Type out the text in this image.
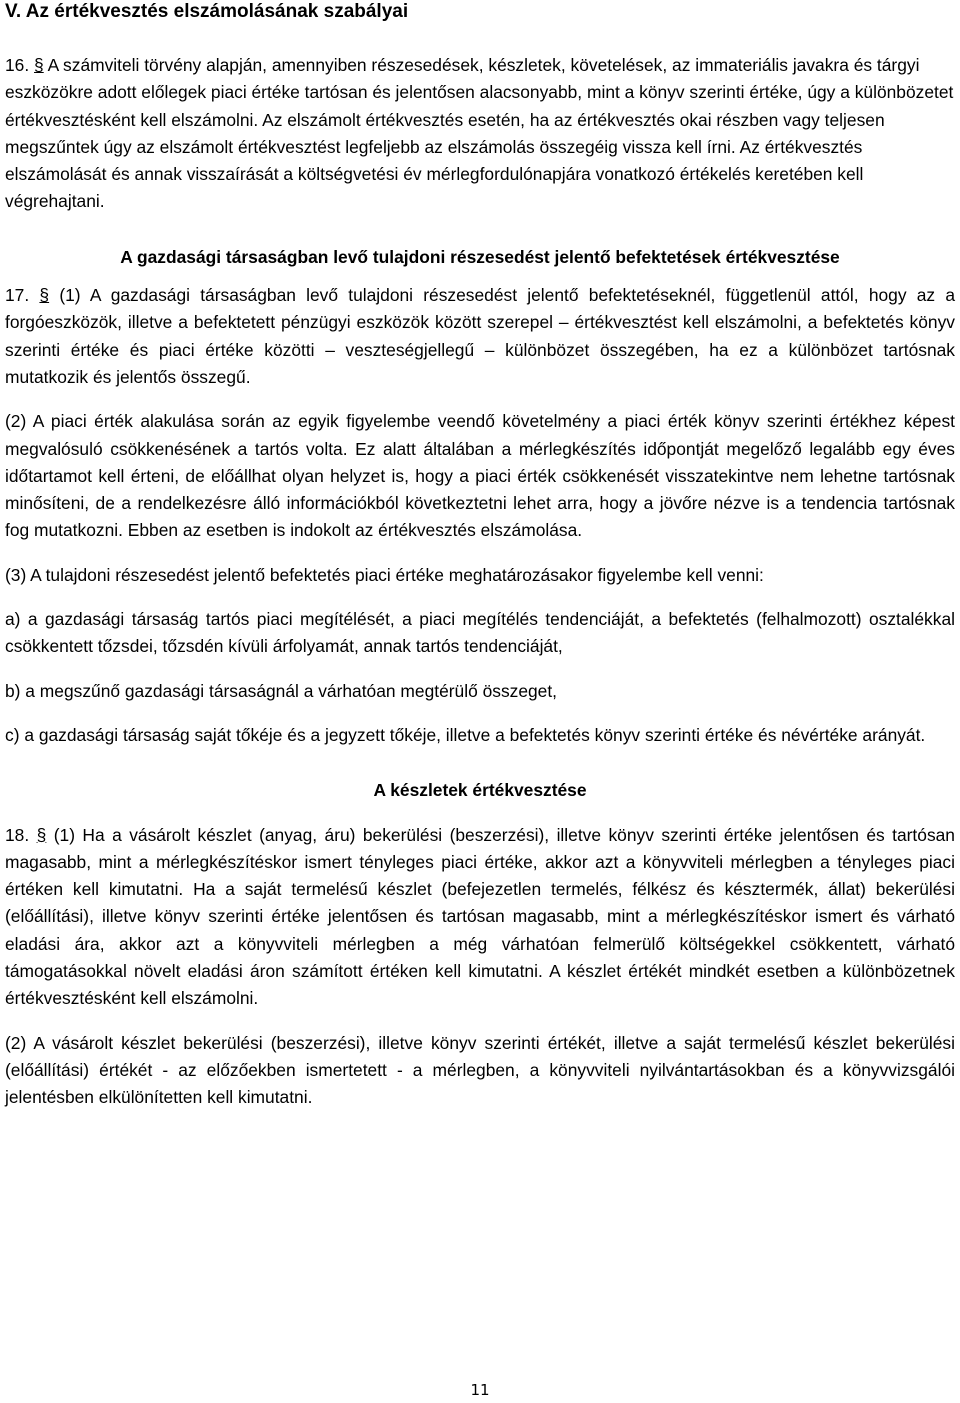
V. Az értékvesztés elszámolásának szabályai

16. § A számviteli törvény alapján, amennyiben részesedések, készletek, követelések, az immateriális javakra és tárgyi eszközökre adott előlegek piaci értéke tartósan és jelentősen alacsonyabb, mint a könyv szerinti értéke, úgy a különbözetet értékvesztésként kell elszámolni. Az elszámolt értékvesztés esetén, ha az értékvesztés okai részben vagy teljesen megszűntek úgy az elszámolt értékvesztést legfeljebb az elszámolás összegéig vissza kell írni. Az értékvesztés elszámolását és annak visszaírását a költségvetési év mérlegfordulónapjára vonatkozó értékelés keretében kell végrehajtani.

A gazdasági társaságban levő tulajdoni részesedést jelentő befektetések értékvesztése

17. § (1) A gazdasági társaságban levő tulajdoni részesedést jelentő befektetéseknél, függetlenül attól, hogy az a forgóeszközök, illetve a befektetett pénzügyi eszközök között szerepel – értékvesztést kell elszámolni, a befektetés könyv szerinti értéke és piaci értéke közötti – veszteségjellegű – különbözet összegében, ha ez a különbözet tartósnak mutatkozik és jelentős összegű.

(2) A piaci érték alakulása során az egyik figyelembe veendő követelmény a piaci érték könyv szerinti értékhez képest megvalósuló csökkenésének a tartós volta. Ez alatt általában a mérlegkészítés időpontját megelőző legalább egy éves időtartamot kell érteni, de előállhat olyan helyzet is, hogy a piaci érték csökkenését visszatekintve nem lehetne tartósnak minősíteni, de a rendelkezésre álló információkból következtetni lehet arra, hogy a jövőre nézve is a tendencia tartósnak fog mutatkozni. Ebben az esetben is indokolt az értékvesztés elszámolása.

(3) A tulajdoni részesedést jelentő befektetés piaci értéke meghatározásakor figyelembe kell venni:

a) a gazdasági társaság tartós piaci megítélését, a piaci megítélés tendenciáját, a befektetés (felhalmozott) osztalékkal csökkentett tőzsdei, tőzsdén kívüli árfolyamát, annak tartós tendenciáját,

b) a megszűnő gazdasági társaságnál a várhatóan megtérülő összeget,

c) a gazdasági társaság saját tőkéje és a jegyzett tőkéje, illetve a befektetés könyv szerinti értéke és névértéke arányát.

A készletek értékvesztése

18. § (1) Ha a vásárolt készlet (anyag, áru) bekerülési (beszerzési), illetve könyv szerinti értéke jelentősen és tartósan magasabb, mint a mérlegkészítéskor ismert tényleges piaci értéke, akkor azt a könyvviteli mérlegben a tényleges piaci értéken kell kimutatni. Ha a saját termelésű készlet (befejezetlen termelés, félkész és késztermék, állat) bekerülési (előállítási), illetve könyv szerinti értéke jelentősen és tartósan magasabb, mint a mérlegkészítéskor ismert és várható eladási ára, akkor azt a könyvviteli mérlegben a még várhatóan felmerülő költségekkel csökkentett, várható támogatásokkal növelt eladási áron számított értéken kell kimutatni. A készlet értékét mindkét esetben a különbözetnek értékvesztésként kell elszámolni.

(2) A vásárolt készlet bekerülési (beszerzési), illetve könyv szerinti értékét, illetve a saját termelésű készlet bekerülési (előállítási) értékét - az előzőekben ismertetett - a mérlegben, a könyvviteli nyilvántartásokban és a könyvvizsgálói jelentésben elkülönítetten kell kimutatni.

11
